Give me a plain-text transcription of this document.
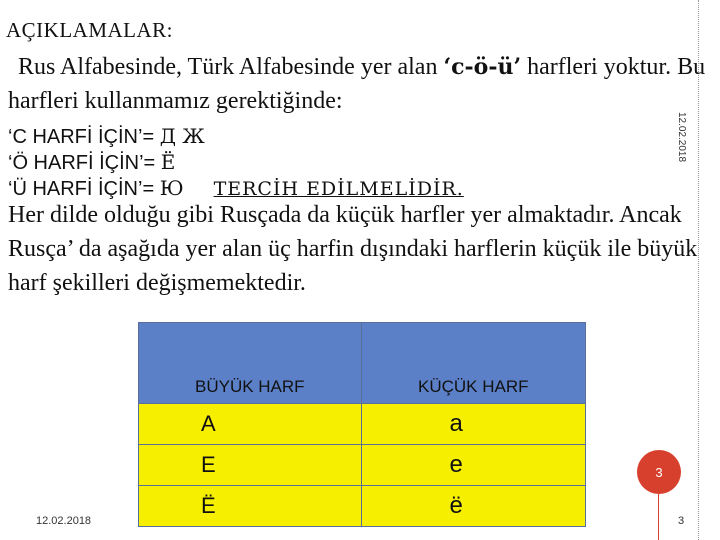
AÇIKLAMALAR:
Rus Alfabesinde, Türk Alfabesinde yer alan ‘c-ö-ü’ harfleri yoktur. Bu harfleri kullanmamız gerektiğinde:
‘C HARFİ İÇİN’= Д Ж
‘Ö HARFİ İÇİN’= Ë
‘Ü HARFİ İÇİN’= Ю TERCİH EDİLMELİDİR.
12.02.2018
Her dilde olduğu gibi Rusçada da küçük harfler yer almaktadır. Ancak Rusça’ da aşağıda yer alan üç harfin dışındaki harflerin küçük ile büyük harf şekilleri değişmemektedir.
BÜYÜK HARF	KÜÇÜK HARF
A	a
E	e
Ë	ë
3
12.02.2018	3
